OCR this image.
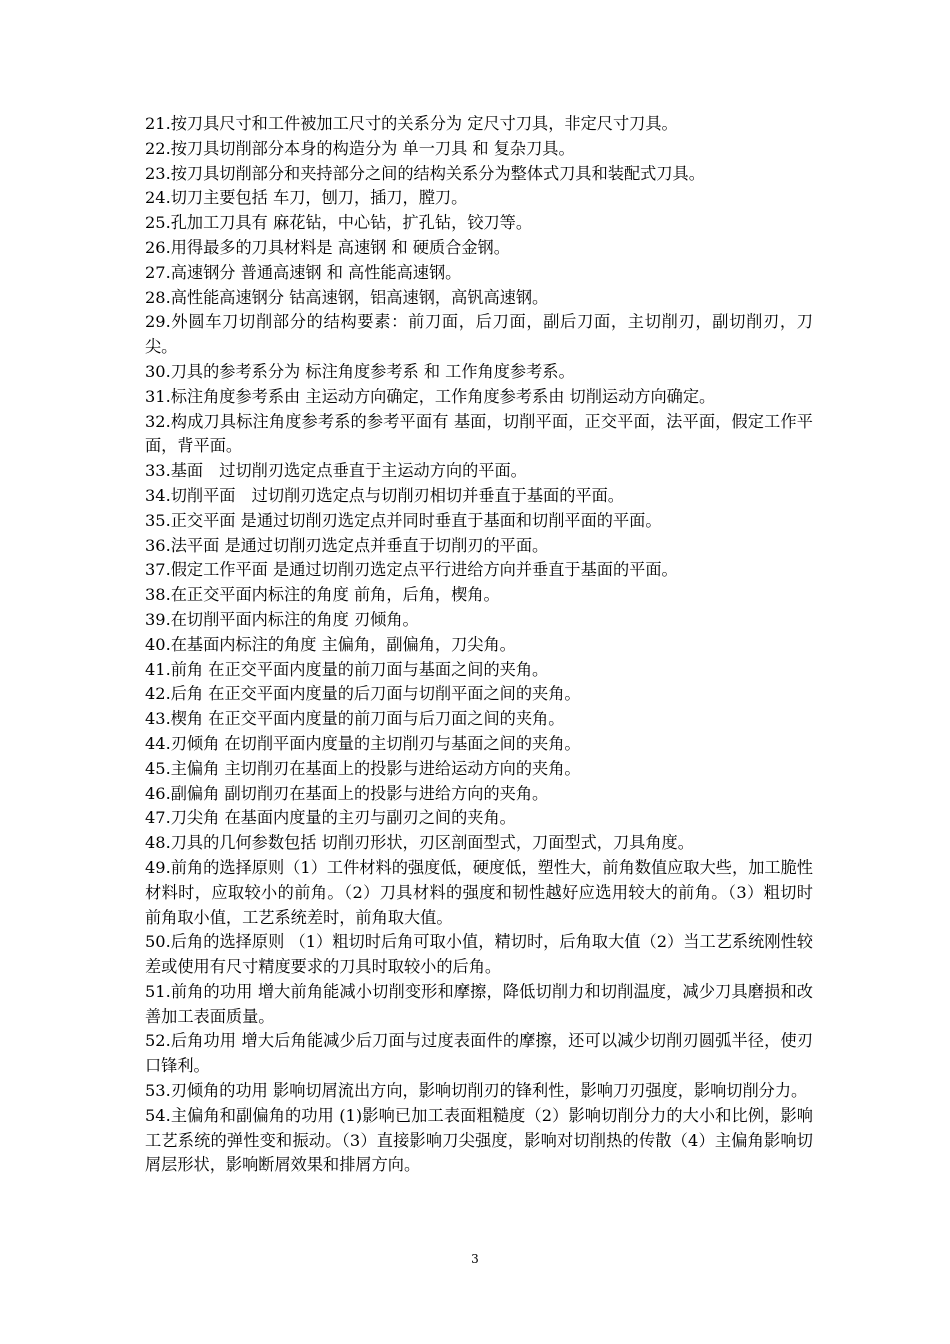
21.按刀具尺寸和工件被加工尺寸的关系分为 定尺寸刀具，非定尺寸刀具。

22.按刀具切削部分本身的构造分为 单一刀具 和 复杂刀具。

23.按刀具切削部分和夹持部分之间的结构关系分为整体式刀具和装配式刀具。

24.切刀主要包括 车刀，刨刀，插刀，膛刀。

25.孔加工刀具有 麻花钻，中心钻，扩孔钻，铰刀等。

26.用得最多的刀具材料是 高速钢 和 硬质合金钢。

27.高速钢分 普通高速钢 和 高性能高速钢。

28.高性能高速钢分 钴高速钢，铝高速钢，高钒高速钢。

29.外圆车刀切削部分的结构要素：前刀面，后刀面，副后刀面，主切削刃，副切削刃，刀尖。

30.刀具的参考系分为 标注角度参考系 和 工作角度参考系。

31.标注角度参考系由 主运动方向确定，工作角度参考系由 切削运动方向确定。

32.构成刀具标注角度参考系的参考平面有 基面，切削平面，正交平面，法平面，假定工作平面，背平面。

33.基面　过切削刃选定点垂直于主运动方向的平面。

34.切削平面　过切削刃选定点与切削刃相切并垂直于基面的平面。

35.正交平面 是通过切削刃选定点并同时垂直于基面和切削平面的平面。

36.法平面 是通过切削刃选定点并垂直于切削刃的平面。

37.假定工作平面 是通过切削刃选定点平行进给方向并垂直于基面的平面。

38.在正交平面内标注的角度 前角，后角，楔角。

39.在切削平面内标注的角度 刃倾角。

40.在基面内标注的角度 主偏角，副偏角，刀尖角。

41.前角 在正交平面内度量的前刀面与基面之间的夹角。

42.后角 在正交平面内度量的后刀面与切削平面之间的夹角。

43.楔角 在正交平面内度量的前刀面与后刀面之间的夹角。

44.刃倾角 在切削平面内度量的主切削刃与基面之间的夹角。

45.主偏角 主切削刃在基面上的投影与进给运动方向的夹角。

46.副偏角 副切削刃在基面上的投影与进给方向的夹角。

47.刀尖角 在基面内度量的主刃与副刃之间的夹角。

48.刀具的几何参数包括 切削刃形状，刃区剖面型式，刀面型式，刀具角度。

49.前角的选择原则（1）工件材料的强度低，硬度低，塑性大，前角数值应取大些，加工脆性材料时，应取较小的前角。（2）刀具材料的强度和韧性越好应选用较大的前角。（3）粗切时前角取小值，工艺系统差时，前角取大值。

50.后角的选择原则 （1）粗切时后角可取小值，精切时，后角取大值（2）当工艺系统刚性较差或使用有尺寸精度要求的刀具时取较小的后角。

51.前角的功用 增大前角能减小切削变形和摩擦，降低切削力和切削温度，减少刀具磨损和改善加工表面质量。

52.后角功用 增大后角能减少后刀面与过度表面件的摩擦，还可以减少切削刃圆弧半径，使刃口锋利。

53.刃倾角的功用 影响切屑流出方向，影响切削刃的锋利性，影响刀刃强度，影响切削分力。

54.主偏角和副偏角的功用 (1)影响已加工表面粗糙度（2）影响切削分力的大小和比例，影响工艺系统的弹性变和振动。（3）直接影响刀尖强度，影响对切削热的传散（4）主偏角影响切屑层形状，影响断屑效果和排屑方向。

3
